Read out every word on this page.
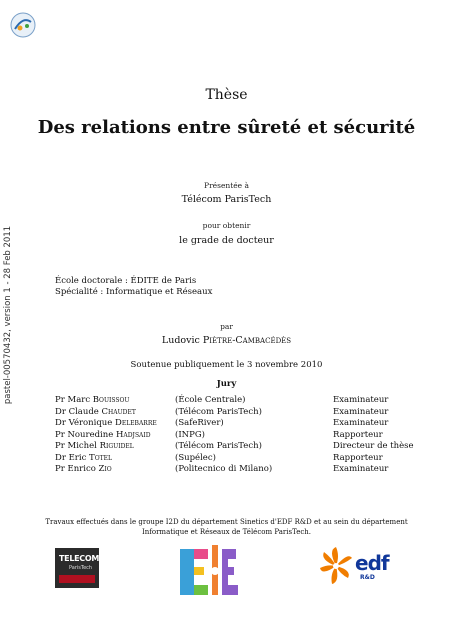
pastel-00570432, version 1 - 28 Feb 2011
Thèse
Des relations entre sûreté et sécurité
Présentée à
Télécom ParisTech
pour obtenir
le grade de docteur
École doctorale : ÉDITE de Paris
Spécialité : Informatique et Réseaux
par
Ludovic Piètre-Cambacédès
Soutenue publiquement le 3 novembre 2010
Jury
Pr Marc Bouissou	(École Centrale)	Examinateur
Dr Claude Chaudet	(Télécom ParisTech)	Examinateur
Dr Véronique Delebarre	(SafeRiver)	Examinateur
Pr Nouredine Hadjsaid	(INPG)	Rapporteur
Pr Michel Riguidel	(Télécom ParisTech)	Directeur de thèse
Dr Eric Totel	(Supélec)	Rapporteur
Pr Enrico Zio	(Politecnico di Milano)	Examinateur
Travaux effectués dans le groupe I2D du département Sinetics d'EDF R&D et au sein du département
Informatique et Réseaux de Télécom ParisTech.
TELECOM
ParisTech	edf
R&D
